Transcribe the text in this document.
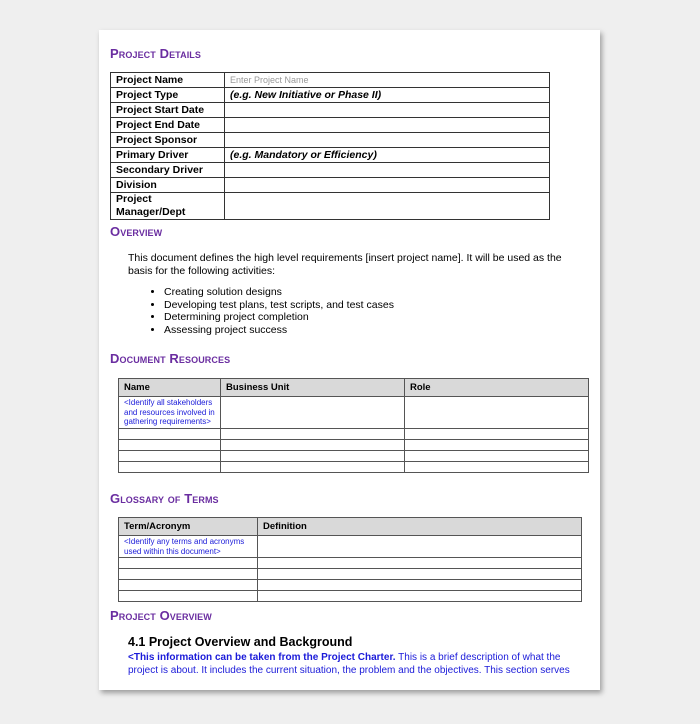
Project Details
Project Name	Enter Project Name
Project Type	(e.g. New Initiative or Phase II)
Project Start Date	
Project End Date	
Project Sponsor	
Primary Driver	(e.g. Mandatory or Efficiency)
Secondary Driver	
Division	
Project Manager/Dept	
Overview

This document defines the high level requirements [insert project name]. It will be used as the basis for the following activities:

• Creating solution designs
• Developing test plans, test scripts, and test cases
• Determining project completion
• Assessing project success
Document Resources
Name	Business Unit	Role
<Identify all stakeholders and resources involved in gathering requirements>		

Glossary of Terms
Term/Acronym	Definition
<Identify any terms and acronyms used within this document>	

Project Overview

4.1 Project Overview and Background

<This information can be taken from the Project Charter. This is a brief description of what the project is about. It includes the current situation, the problem and the objectives. This section serves
